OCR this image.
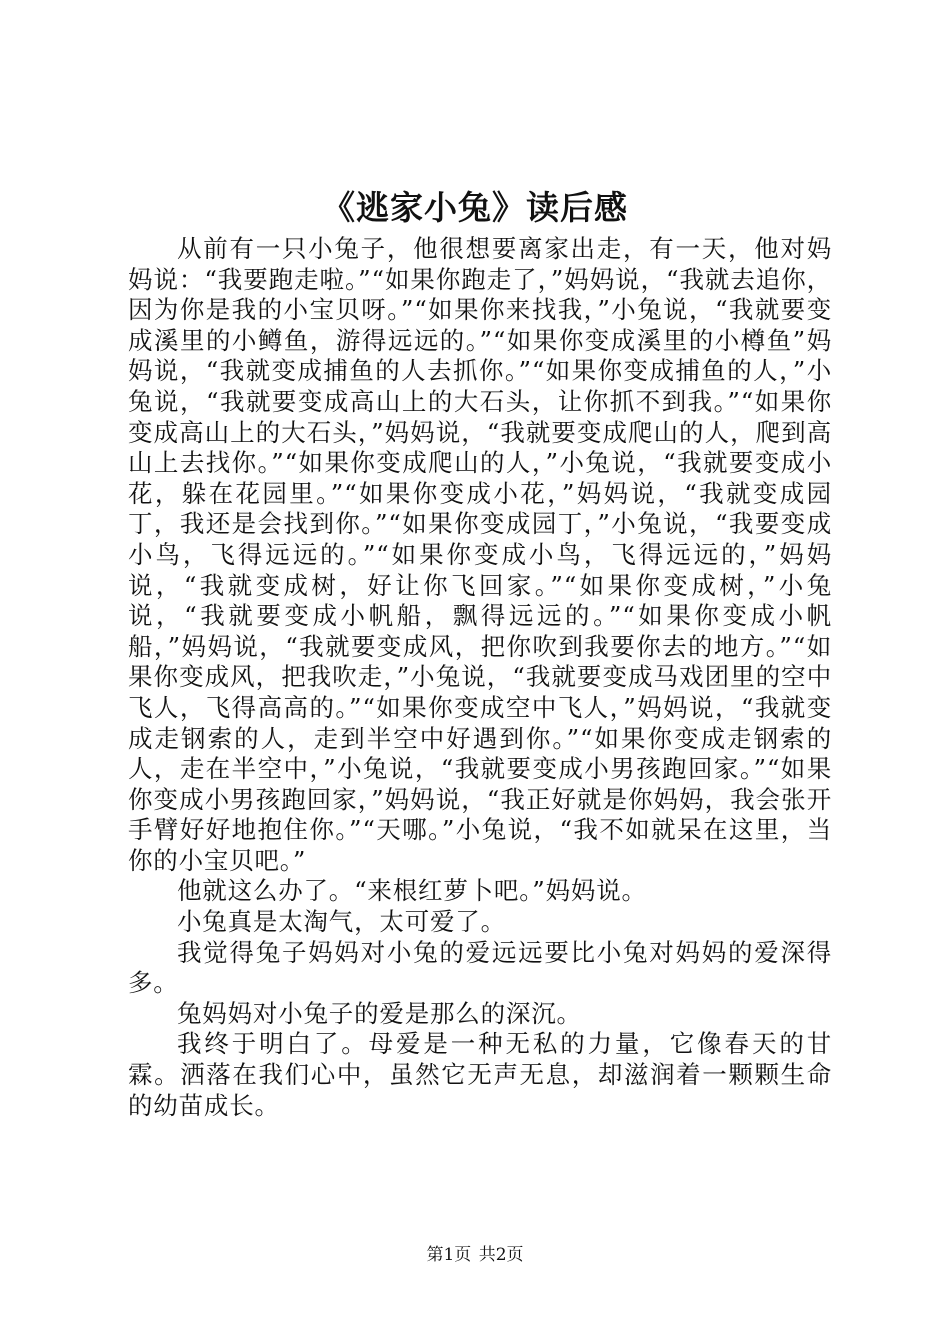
《逃家小兔》读后感

从前有一只小兔子，他很想要离家出走，有一天，他对妈妈说：“我要跑走啦。”“如果你跑走了，”妈妈说，“我就去追你，因为你是我的小宝贝呀。”“如果你来找我，”小兔说，“我就要变成溪里的小鳟鱼，游得远远的。”“如果你变成溪里的小樽鱼”妈妈说，“我就变成捕鱼的人去抓你。”“如果你变成捕鱼的人，”小兔说，“我就要变成高山上的大石头，让你抓不到我。”“如果你变成高山上的大石头，”妈妈说，“我就要变成爬山的人，爬到高山上去找你。”“如果你变成爬山的人，”小兔说，“我就要变成小花，躲在花园里。”“如果你变成小花，”妈妈说，“我就变成园丁，我还是会找到你。”“如果你变成园丁，”小兔说，“我要变成小鸟，飞得远远的。”“如果你变成小鸟，飞得远远的，”妈妈说，“我就变成树，好让你飞回家。”“如果你变成树，”小兔说，“我就要变成小帆船，飘得远远的。”“如果你变成小帆船，”妈妈说，“我就要变成风，把你吹到我要你去的地方。”“如果你变成风，把我吹走，”小兔说，“我就要变成马戏团里的空中飞人，飞得高高的。”“如果你变成空中飞人，”妈妈说，“我就变成走钢索的人，走到半空中好遇到你。”“如果你变成走钢索的人，走在半空中，”小兔说，“我就要变成小男孩跑回家。”“如果你变成小男孩跑回家，”妈妈说，“我正好就是你妈妈，我会张开手臂好好地抱住你。”“天哪。”小兔说，“我不如就呆在这里，当你的小宝贝吧。”

他就这么办了。“来根红萝卜吧。”妈妈说。

小兔真是太淘气，太可爱了。

我觉得兔子妈妈对小兔的爱远远要比小兔对妈妈的爱深得多。

兔妈妈对小兔子的爱是那么的深沉。

我终于明白了。母爱是一种无私的力量，它像春天的甘霖。洒落在我们心中，虽然它无声无息，却滋润着一颗颗生命的幼苗成长。

第1页 共2页
